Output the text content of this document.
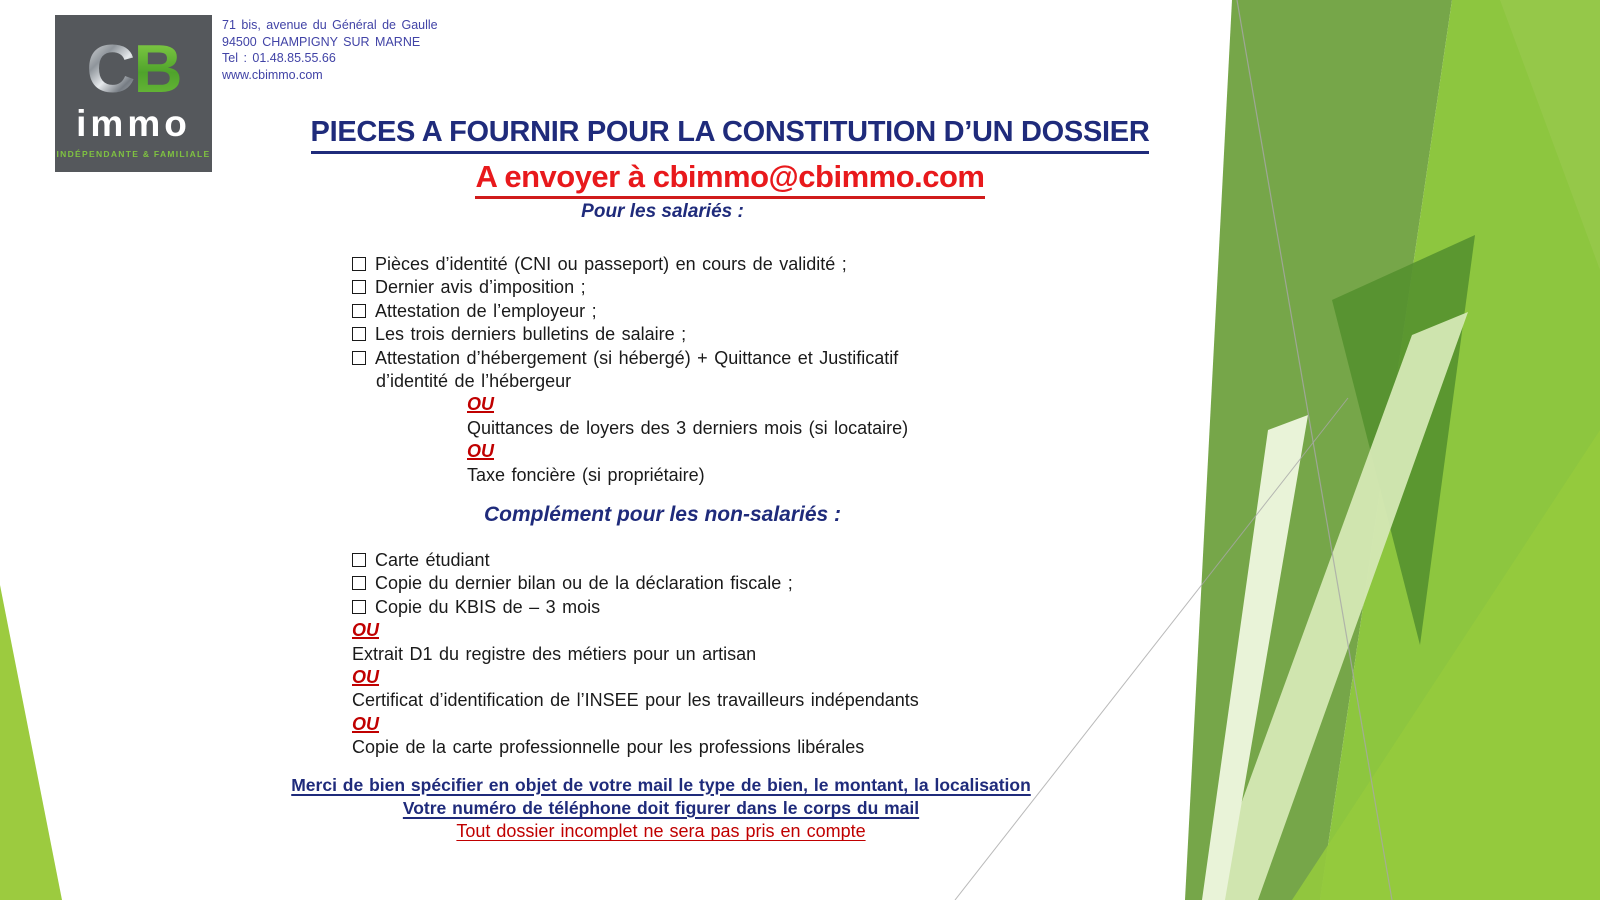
CB
immo
INDÉPENDANTE & FAMILIALE
71 bis, avenue du Général de Gaulle
94500 CHAMPIGNY SUR MARNE
Tel : 01.48.85.55.66
www.cbimmo.com
PIECES A FOURNIR POUR LA CONSTITUTION D’UN DOSSIER
A envoyer à cbimmo@cbimmo.com
Pour les salariés :
Pièces d’identité (CNI ou passeport) en cours de validité ;
Dernier avis d’imposition ;
Attestation de l’employeur ;
Les trois derniers bulletins de salaire ;
Attestation d’hébergement (si hébergé) + Quittance et Justificatif
d’identité de l’hébergeur
OU
Quittances de loyers des 3 derniers mois (si locataire)
OU
Taxe foncière (si propriétaire)
Complément pour les non-salariés :
Carte étudiant
Copie du dernier bilan ou de la déclaration fiscale ;
Copie du KBIS de – 3 mois
OU
Extrait D1 du registre des métiers pour un artisan
OU
Certificat d’identification de l’INSEE pour les travailleurs indépendants
OU
Copie de la carte professionnelle pour les professions libérales
Merci de bien spécifier en objet de votre mail le type de bien, le montant, la localisation
Votre numéro de téléphone doit figurer dans le corps du mail
Tout dossier incomplet ne sera pas pris en compte
